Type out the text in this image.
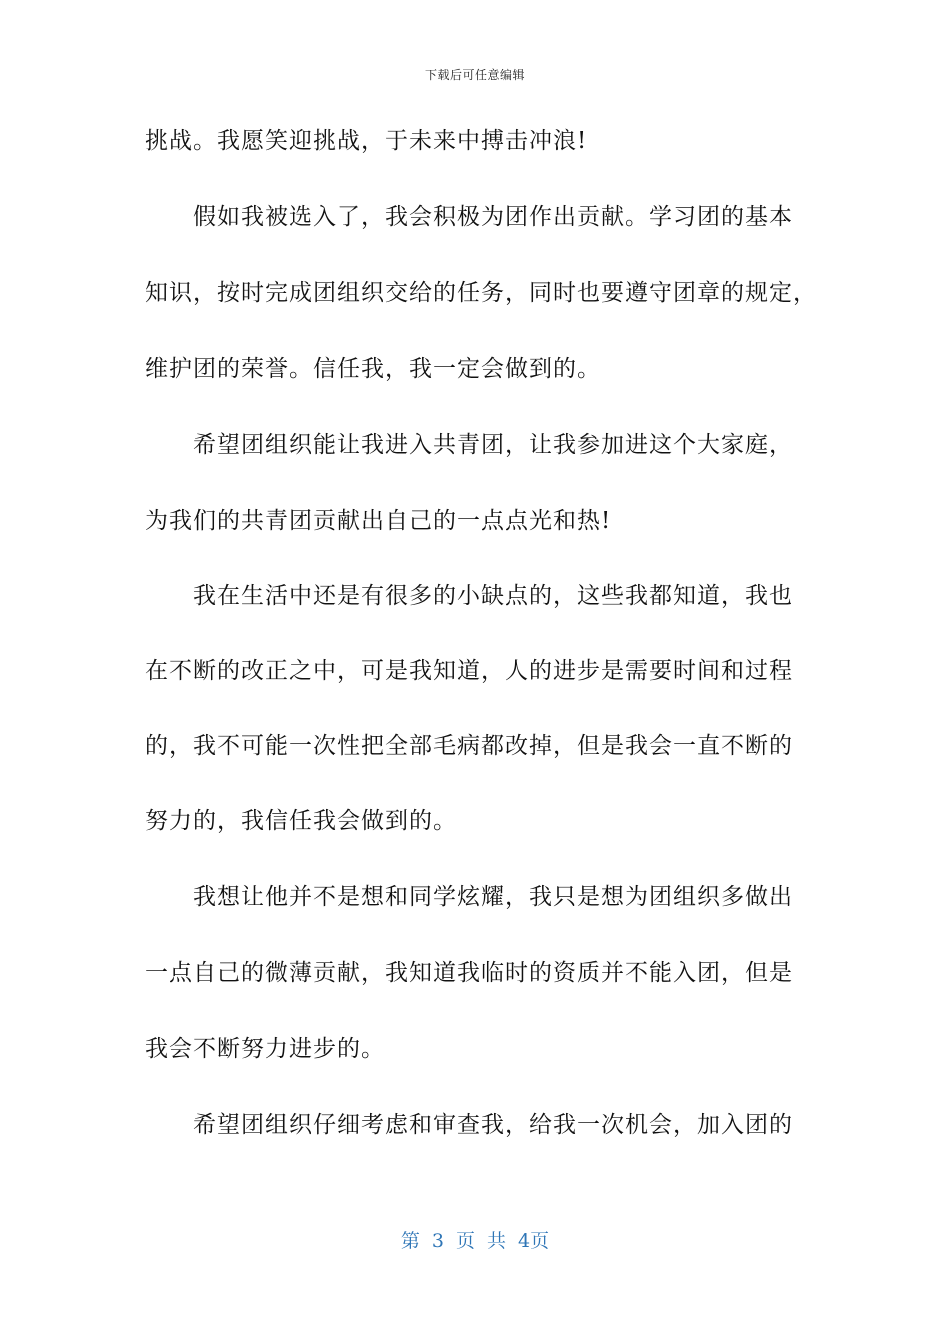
下载后可任意编辑
挑战。我愿笑迎挑战，于未来中搏击冲浪!
假如我被选入了，我会积极为团作出贡献。学习团的基本
知识，按时完成团组织交给的任务，同时也要遵守团章的规定，
维护团的荣誉。信任我，我一定会做到的。
希望团组织能让我进入共青团，让我参加进这个大家庭，
为我们的共青团贡献出自己的一点点光和热!
我在生活中还是有很多的小缺点的，这些我都知道，我也
在不断的改正之中，可是我知道，人的进步是需要时间和过程
的，我不可能一次性把全部毛病都改掉，但是我会一直不断的
努力的，我信任我会做到的。
我想让他并不是想和同学炫耀，我只是想为团组织多做出
一点自己的微薄贡献，我知道我临时的资质并不能入团，但是
我会不断努力进步的。
希望团组织仔细考虑和审查我，给我一次机会，加入团的
第 3 页 共 4页
